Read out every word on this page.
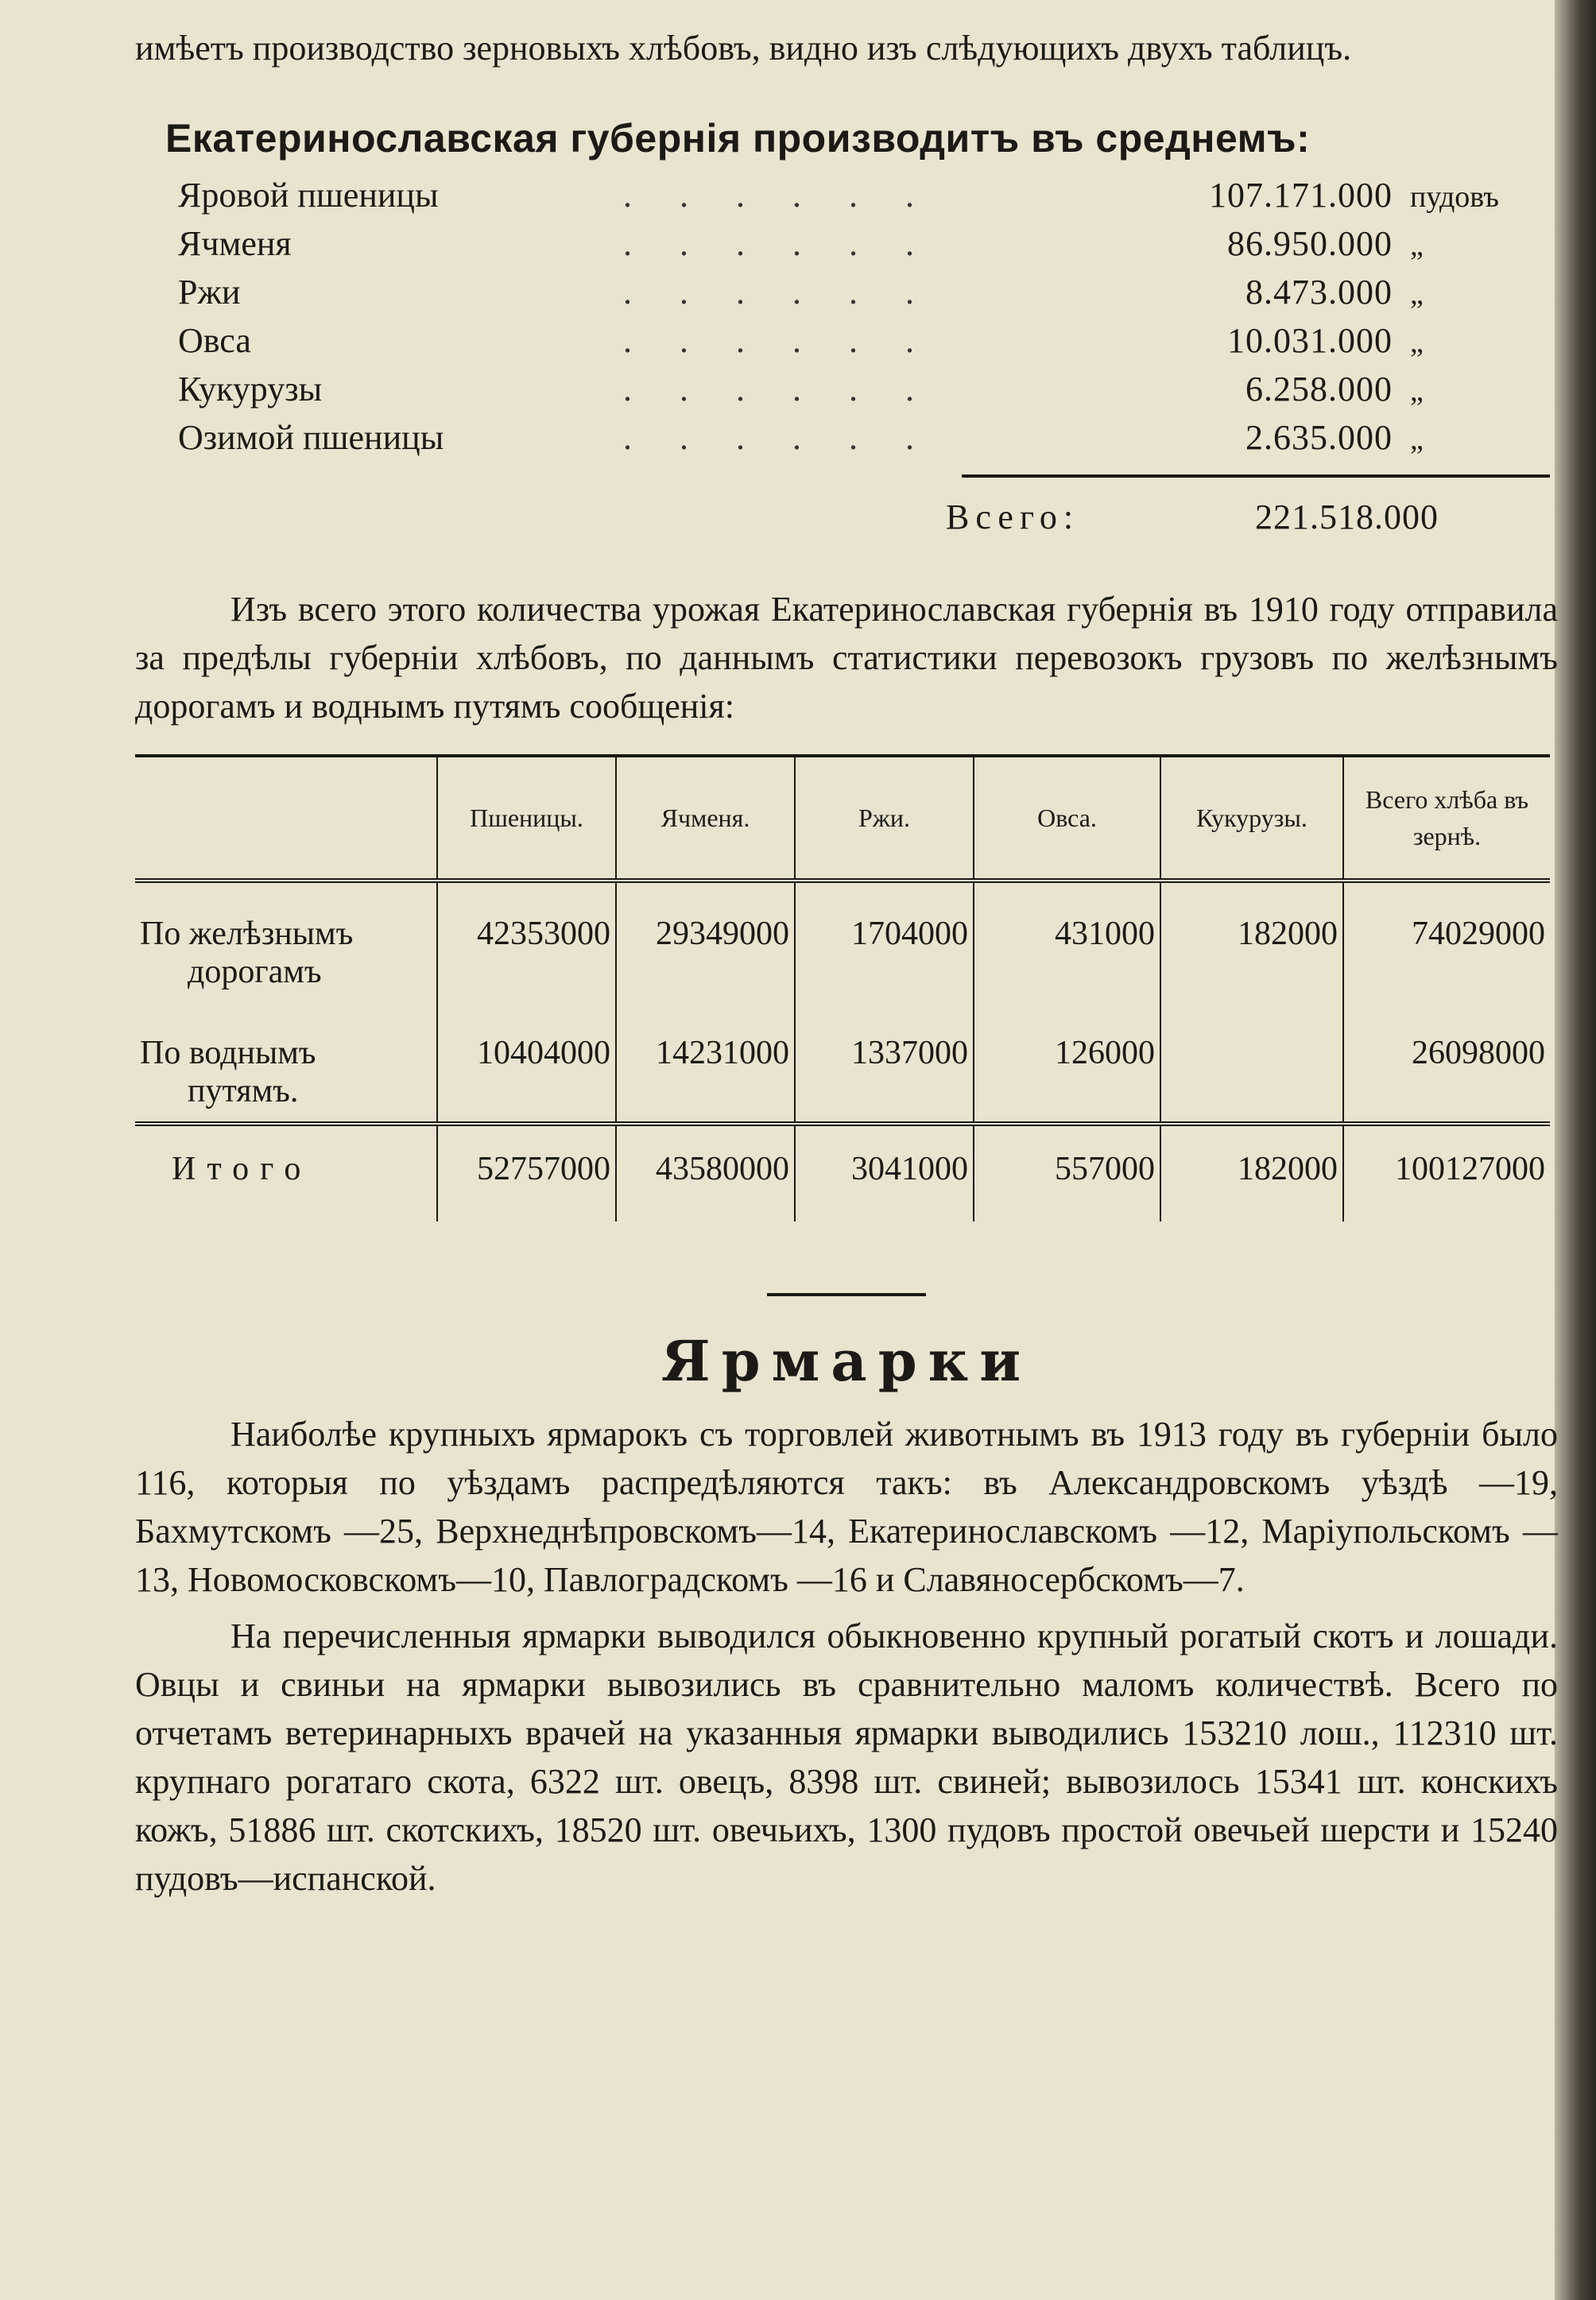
имѣетъ производство зерновыхъ хлѣбовъ, видно изъ слѣдующихъ двухъ таблицъ.

Екатеринославская губернія производитъ въ среднемъ:
Яровой пшеницы	......	107.171.000 пудовъ
Ячменя	......	86.950.000 „
Ржи	......	8.473.000 „
Овса	......	10.031.000 „
Кукурузы	......	6.258.000 „
Озимой пшеницы	......	2.635.000 „
Всего:	221.518.000

Изъ всего этого количества урожая Екатеринославская губернія въ 1910 году отправила за предѣлы губерніи хлѣбовъ, по даннымъ статистики перевозокъ грузовъ по желѣзнымъ дорогамъ и воднымъ путямъ сообщенія:

	Пшеницы.	Ячменя.	Ржи.	Овса.	Кукурузы.	Всего хлѣба въ зернѣ.
По желѣзнымъ
дорогамъ	42353000	29349000	1704000	431000	182000	74029000
По воднымъ
путямъ.	10404000	14231000	1337000	126000		26098000
Итого	52757000	43580000	3041000	557000	182000	100127000
Ярмарки

Наиболѣе крупныхъ ярмарокъ съ торговлей животнымъ въ 1913 году въ губерніи было 116, которыя по уѣздамъ распредѣляются такъ: въ Александровскомъ уѣздѣ —19, Бахмутскомъ —25, Верхнеднѣпровскомъ—14, Екатеринославскомъ —12, Маріупольскомъ —13, Новомосковскомъ—10, Павлоградскомъ —16 и Славяносербскомъ—7.

На перечисленныя ярмарки выводился обыкновенно крупный рогатый скотъ и лошади. Овцы и свиньи на ярмарки вывозились въ сравнительно маломъ количествѣ. Всего по отчетамъ ветеринарныхъ врачей на указанныя ярмарки выводились 153210 лош., 112310 шт. крупнаго рогатаго скота, 6322 шт. овецъ, 8398 шт. свиней; вывозилось 15341 шт. конскихъ кожъ, 51886 шт. скотскихъ, 18520 шт. овечьихъ, 1300 пудовъ простой овечьей шерсти и 15240 пудовъ—испанской.
